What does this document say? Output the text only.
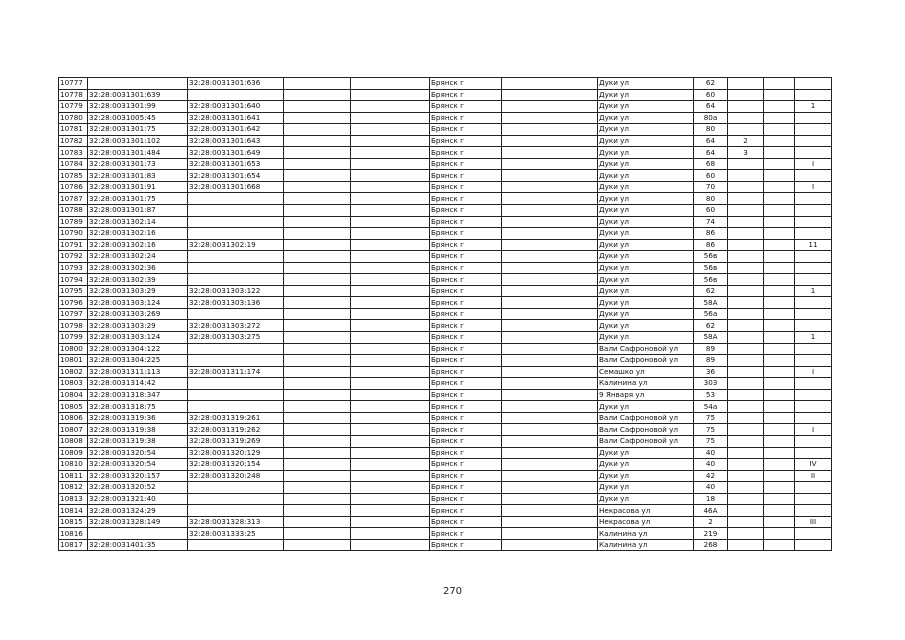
10777		32:28:0031301:636			Брянск г		Дуки ул	62			
10778	32:28:0031301:639				Брянск г		Дуки ул	60			
10779	32:28:0031301:99	32:28:0031301:640			Брянск г		Дуки ул	64			1
10780	32:28:0031005:45	32:28:0031301:641			Брянск г		Дуки ул	80а			
10781	32:28:0031301:75	32:28:0031301:642			Брянск г		Дуки ул	80			
10782	32:28:0031301:102	32:28:0031301:643			Брянск г		Дуки ул	64	2		
10783	32:28:0031301:484	32:28:0031301:649			Брянск г		Дуки ул	64	3		
10784	32:28:0031301:73	32:28:0031301:653			Брянск г		Дуки ул	68			I
10785	32:28:0031301:83	32:28:0031301:654			Брянск г		Дуки ул	60			
10786	32:28:0031301:91	32:28:0031301:668			Брянск г		Дуки ул	70			I
10787	32:28:0031301:75				Брянск г		Дуки ул	80			
10788	32:28:0031301:87				Брянск г		Дуки ул	60			
10789	32:28:0031302:14				Брянск г		Дуки ул	74			
10790	32:28:0031302:16				Брянск г		Дуки ул	86			
10791	32:28:0031302:16	32:28:0031302:19			Брянск г		Дуки ул	86			11
10792	32:28:0031302:24				Брянск г		Дуки ул	56в			
10793	32:28:0031302:36				Брянск г		Дуки ул	56в			
10794	32:28:0031302:39				Брянск г		Дуки ул	56в			
10795	32:28:0031303:29	32:28:0031303:122			Брянск г		Дуки ул	62			1
10796	32:28:0031303:124	32:28:0031303:136			Брянск г		Дуки ул	58А			
10797	32:28:0031303:269				Брянск г		Дуки ул	56а			
10798	32:28:0031303:29	32:28:0031303:272			Брянск г		Дуки ул	62			
10799	32:28:0031303:124	32:28:0031303:275			Брянск г		Дуки ул	58А			1
10800	32:28:0031304:122				Брянск г		Вали Сафроновой ул	89			
10801	32:28:0031304:225				Брянск г		Вали Сафроновой ул	89			
10802	32:28:0031311:113	32:28:0031311:174			Брянск г		Семашко ул	36			I
10803	32:28:0031314:42				Брянск г		Калинина ул	303			
10804	32:28:0031318:347				Брянск г		9 Января ул	53			
10805	32:28:0031318:75				Брянск г		Дуки ул	54а			
10806	32:28:0031319:36	32:28:0031319:261			Брянск г		Вали Сафроновой ул	75			
10807	32:28:0031319:38	32:28:0031319:262			Брянск г		Вали Сафроновой ул	75			I
10808	32:28:0031319:38	32:28:0031319:269			Брянск г		Вали Сафроновой ул	75			
10809	32:28:0031320:54	32:28:0031320:129			Брянск г		Дуки ул	40			
10810	32:28:0031320:54	32:28:0031320:154			Брянск г		Дуки ул	40			IV
10811	32:28:0031320:157	32:28:0031320:248			Брянск г		Дуки ул	42			II
10812	32:28:0031320:52				Брянск г		Дуки ул	40			
10813	32:28:0031321:40				Брянск г		Дуки ул	18			
10814	32:28:0031324:29				Брянск г		Некрасова ул	46А			
10815	32:28:0031328:149	32:28:0031328:313			Брянск г		Некрасова ул	2			III
10816		32:28:0031333:25			Брянск г		Калинина ул	219			
10817	32:28:0031401:35				Брянск г		Калинина ул	268			
270
